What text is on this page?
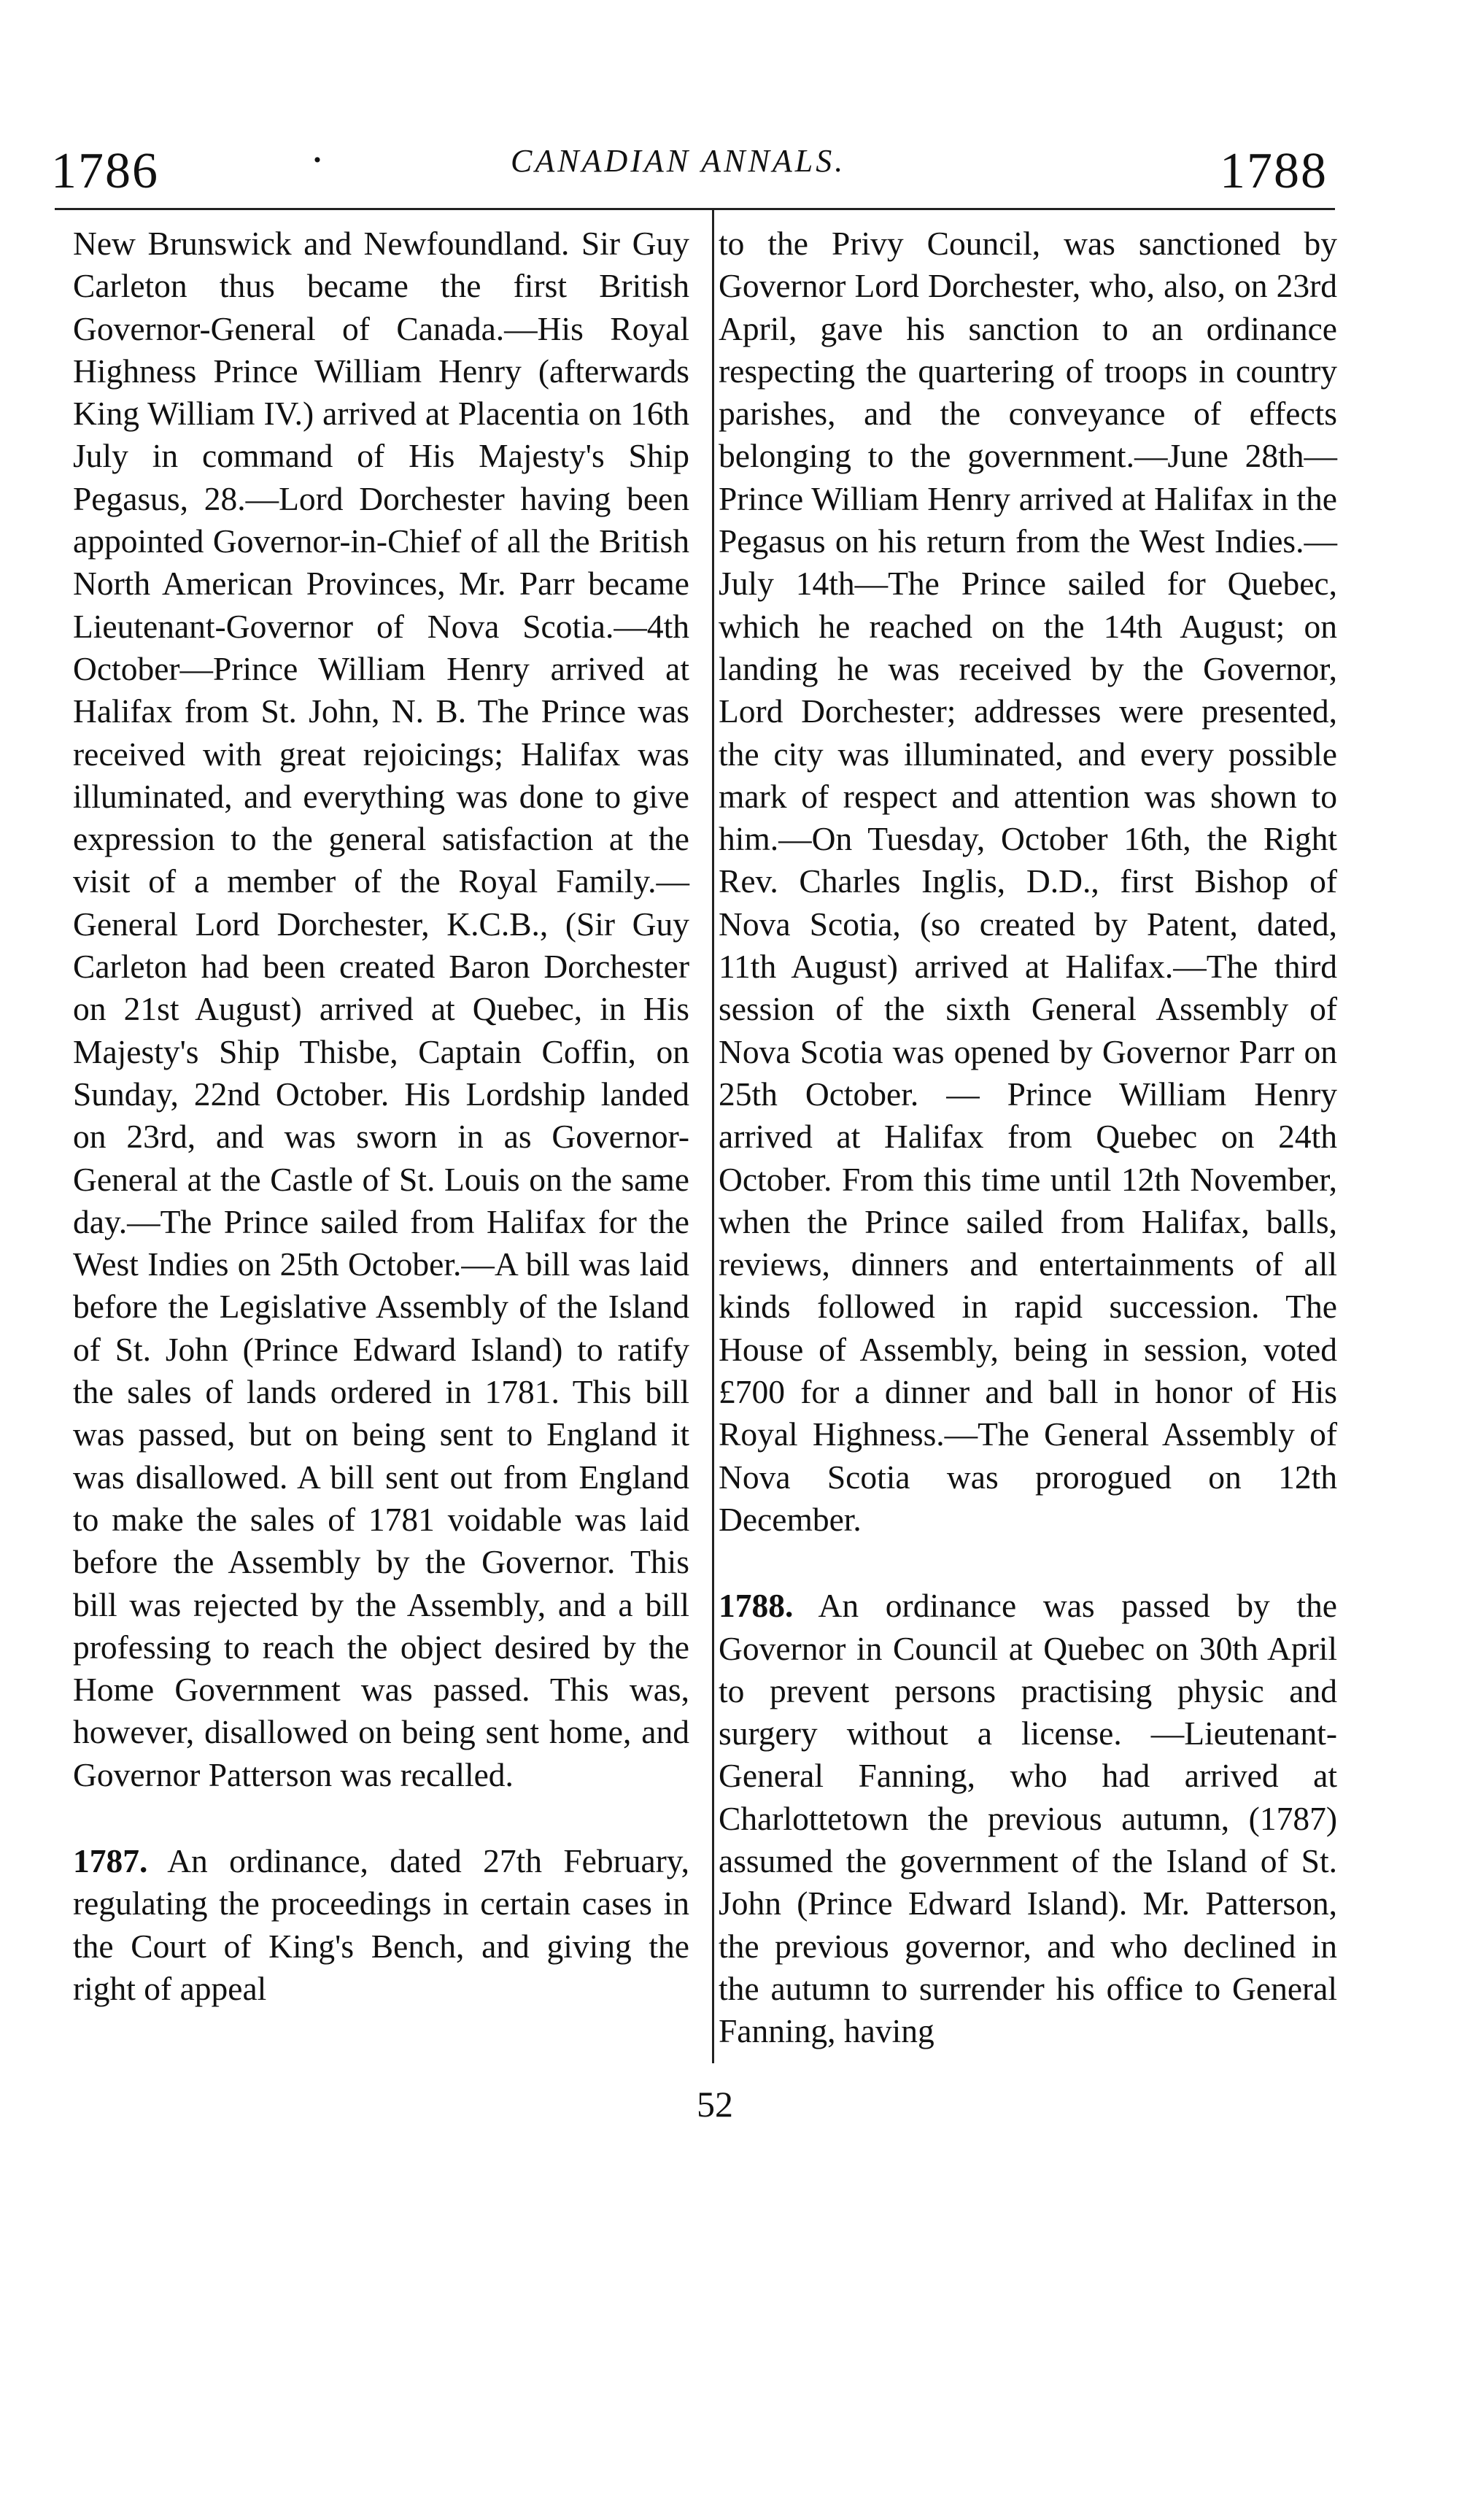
1786	·	CANADIAN ANNALS.	1788

New Brunswick and Newfoundland. Sir Guy Carleton thus became the first British Governor-General of Canada.—His Royal Highness Prince William Henry (afterwards King William IV.) arrived at Placentia on 16th July in command of His Majesty's Ship Pegasus, 28.—Lord Dorchester having been appointed Governor-in-Chief of all the British North American Provinces, Mr. Parr became Lieutenant-Governor of Nova Scotia.—4th October—Prince William Henry arrived at Halifax from St. John, N. B. The Prince was received with great rejoicings; Halifax was illuminated, and everything was done to give expression to the general satisfaction at the visit of a member of the Royal Family.—General Lord Dorchester, K.C.B., (Sir Guy Carleton had been created Baron Dorchester on 21st August) arrived at Quebec, in His Majesty's Ship Thisbe, Captain Coffin, on Sunday, 22nd October. His Lordship landed on 23rd, and was sworn in as Governor-General at the Castle of St. Louis on the same day.—The Prince sailed from Halifax for the West Indies on 25th October.—A bill was laid before the Legislative Assembly of the Island of St. John (Prince Edward Island) to ratify the sales of lands ordered in 1781. This bill was passed, but on being sent to England it was disallowed. A bill sent out from England to make the sales of 1781 voidable was laid before the Assembly by the Governor. This bill was rejected by the Assembly, and a bill professing to reach the object desired by the Home Government was passed. This was, however, disallowed on being sent home, and Governor Patterson was recalled.

1787. An ordinance, dated 27th February, regulating the proceedings in certain cases in the Court of King's Bench, and giving the right of appeal

to the Privy Council, was sanctioned by Governor Lord Dorchester, who, also, on 23rd April, gave his sanction to an ordinance respecting the quartering of troops in country parishes, and the conveyance of effects belonging to the government.—June 28th—Prince William Henry arrived at Halifax in the Pegasus on his return from the West Indies.—July 14th—The Prince sailed for Quebec, which he reached on the 14th August; on landing he was received by the Governor, Lord Dorchester; addresses were presented, the city was illuminated, and every possible mark of respect and attention was shown to him.—On Tuesday, October 16th, the Right Rev. Charles Inglis, D.D., first Bishop of Nova Scotia, (so created by Patent, dated, 11th August) arrived at Halifax.—The third session of the sixth General Assembly of Nova Scotia was opened by Governor Parr on 25th October. — Prince William Henry arrived at Halifax from Quebec on 24th October. From this time until 12th November, when the Prince sailed from Halifax, balls, reviews, dinners and entertainments of all kinds followed in rapid succession. The House of Assembly, being in session, voted £700 for a dinner and ball in honor of His Royal Highness.—The General Assembly of Nova Scotia was prorogued on 12th December.

1788. An ordinance was passed by the Governor in Council at Quebec on 30th April to prevent persons practising physic and surgery without a license. —Lieutenant-General Fanning, who had arrived at Charlottetown the previous autumn, (1787) assumed the government of the Island of St. John (Prince Edward Island). Mr. Patterson, the previous governor, and who declined in the autumn to surrender his office to General Fanning, having

52
